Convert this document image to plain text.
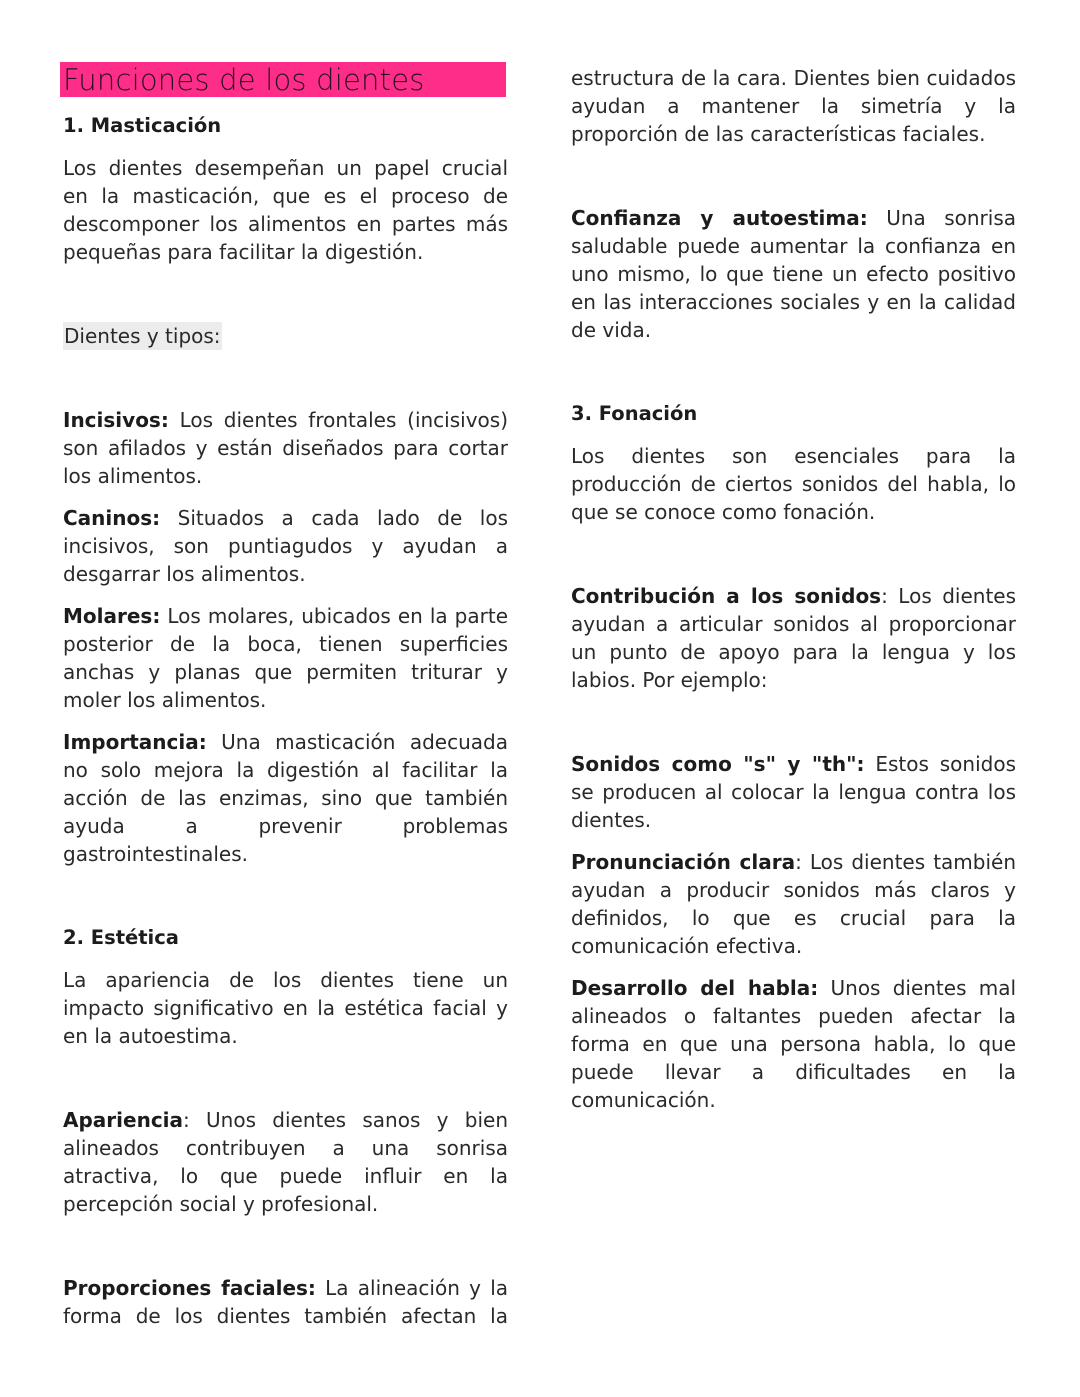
Funciones de los dientes
1. Masticación

Los dientes desempeñan un papel crucial en la masticación, que es el proceso de descomponer los alimentos en partes más pequeñas para facilitar la digestión.

Dientes y tipos:

Incisivos: Los dientes frontales (incisivos) son afilados y están diseñados para cortar los alimentos.

Caninos: Situados a cada lado de los incisivos, son puntiagudos y ayudan a desgarrar los alimentos.

Molares: Los molares, ubicados en la parte posterior de la boca, tienen superficies anchas y planas que permiten triturar y moler los alimentos.

Importancia: Una masticación adecuada no solo mejora la digestión al facilitar la acción de las enzimas, sino que también ayuda a prevenir problemas gastrointestinales.

2. Estética

La apariencia de los dientes tiene un impacto significativo en la estética facial y en la autoestima.

Apariencia: Unos dientes sanos y bien alineados contribuyen a una sonrisa atractiva, lo que puede influir en la percepción social y profesional.

Proporciones faciales: La alineación y la forma de los dientes también afectan la

estructura de la cara. Dientes bien cuidados ayudan a mantener la simetría y la proporción de las características faciales.

Confianza y autoestima: Una sonrisa saludable puede aumentar la confianza en uno mismo, lo que tiene un efecto positivo en las interacciones sociales y en la calidad de vida.

3. Fonación

Los dientes son esenciales para la producción de ciertos sonidos del habla, lo que se conoce como fonación.

Contribución a los sonidos: Los dientes ayudan a articular sonidos al proporcionar un punto de apoyo para la lengua y los labios. Por ejemplo:

Sonidos como "s" y "th": Estos sonidos se producen al colocar la lengua contra los dientes.

Pronunciación clara: Los dientes también ayudan a producir sonidos más claros y definidos, lo que es crucial para la comunicación efectiva.

Desarrollo del habla: Unos dientes mal alineados o faltantes pueden afectar la forma en que una persona habla, lo que puede llevar a dificultades en la comunicación.
